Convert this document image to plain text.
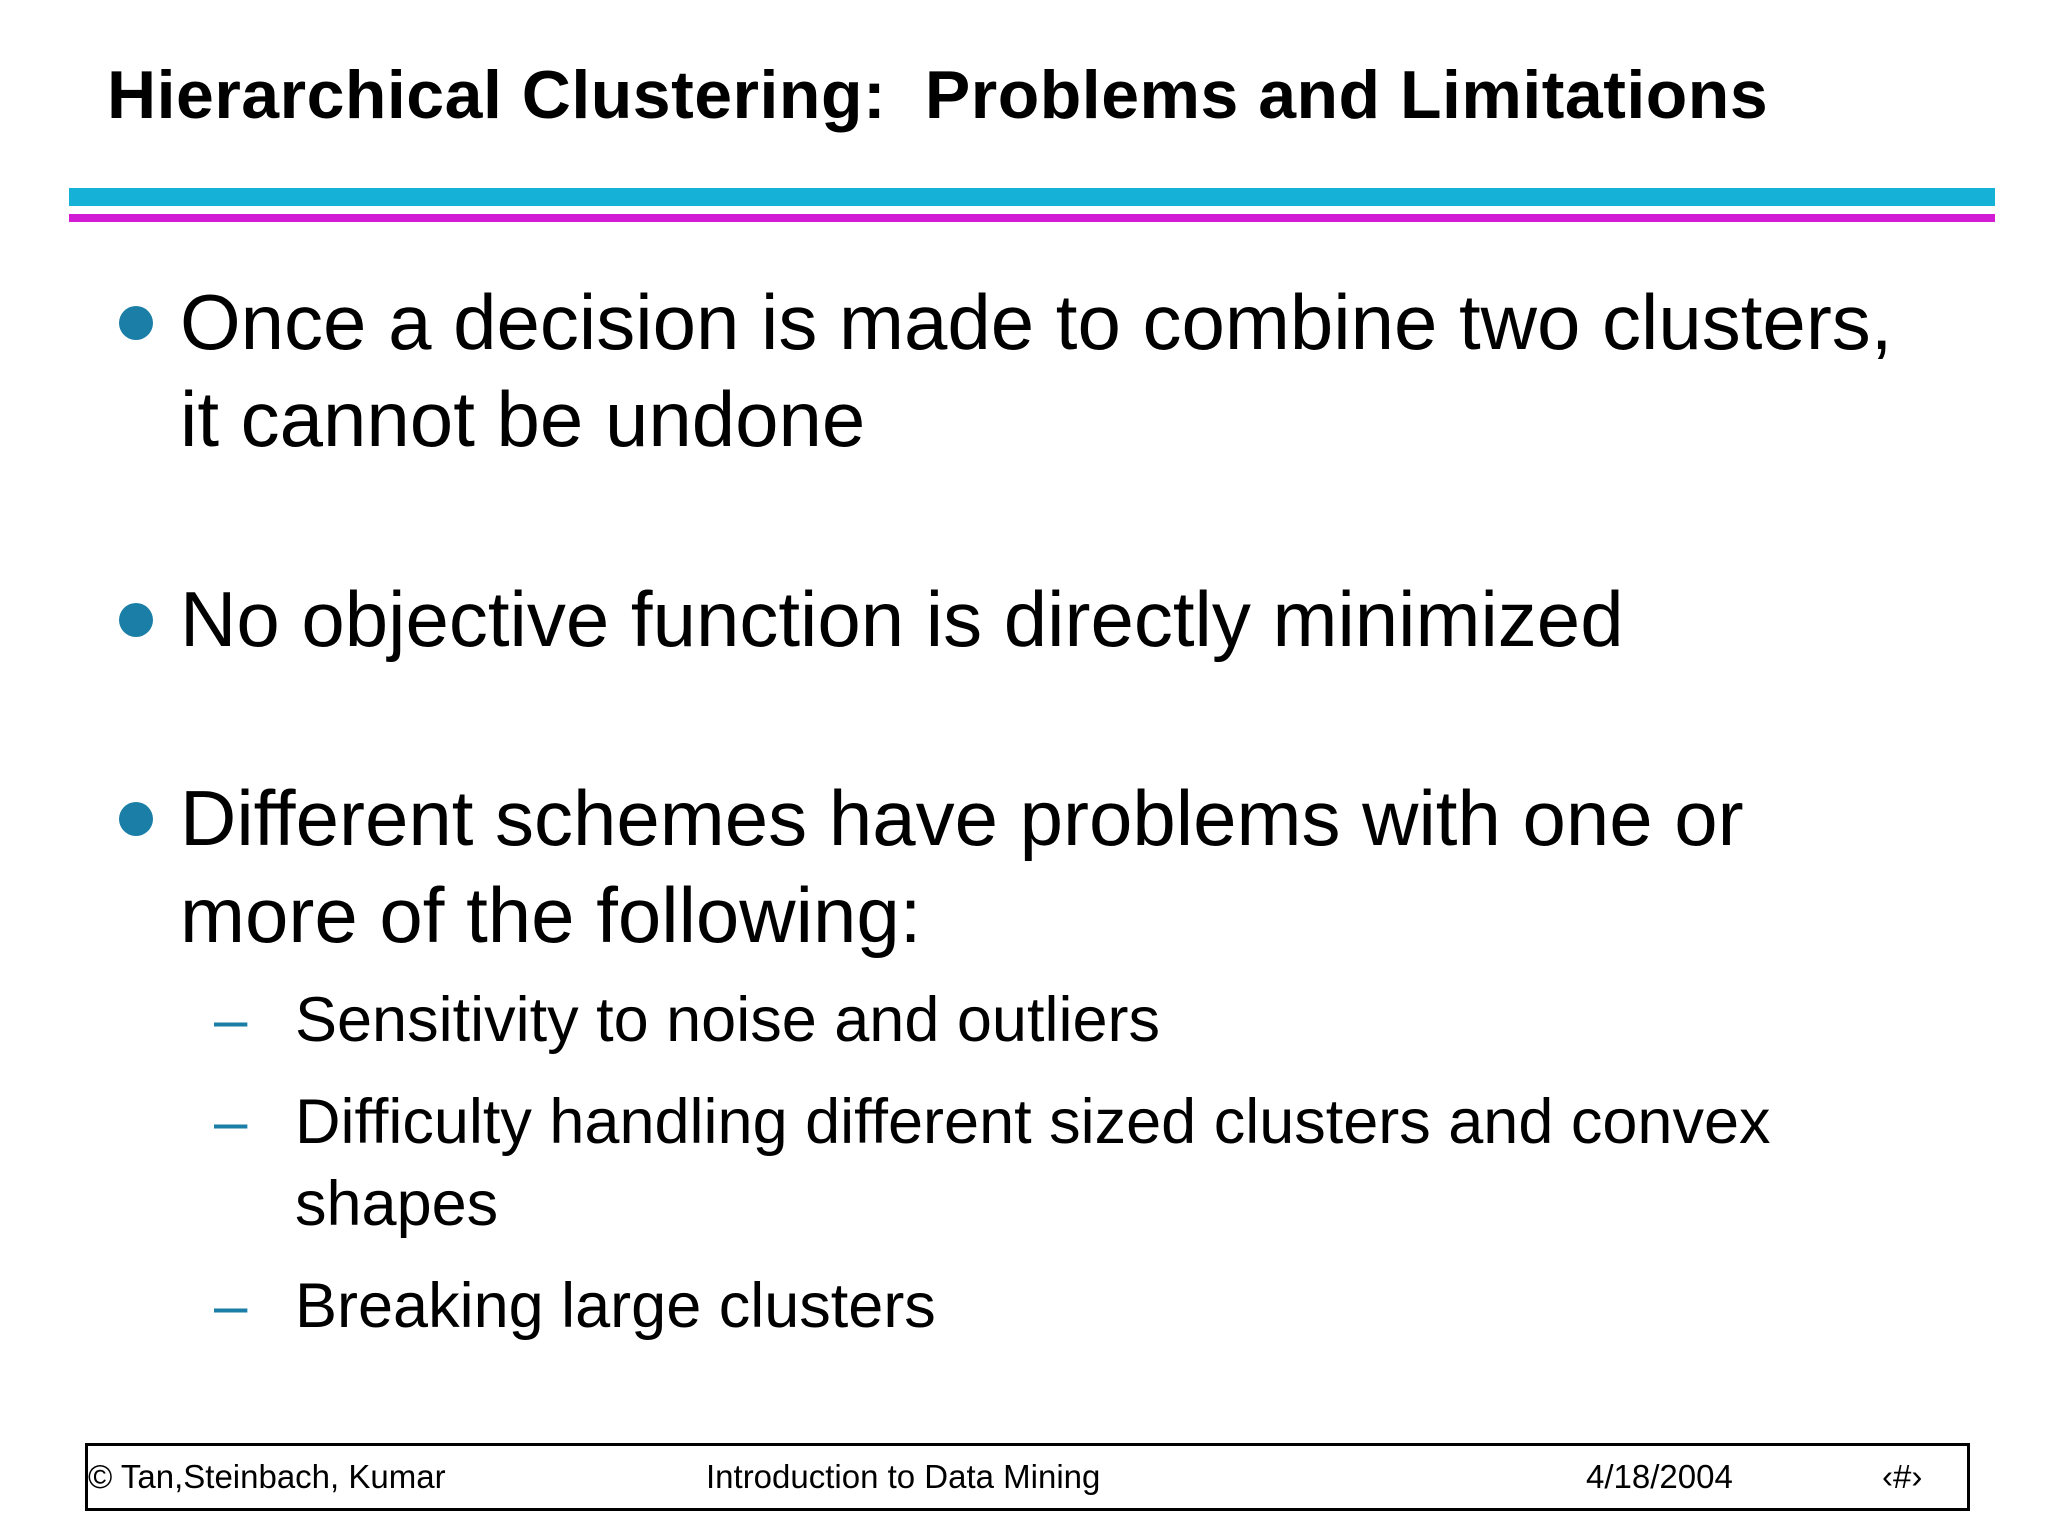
Hierarchical Clustering:  Problems and Limitations
Once a decision is made to combine two clusters,
it cannot be undone
No objective function is directly minimized
Different schemes have problems with one or
more of the following:
– Sensitivity to noise and outliers
– Difficulty handling different sized clusters and convex
shapes
– Breaking large clusters
© Tan,Steinbach, Kumar	Introduction to Data Mining	4/18/2004	‹#›
